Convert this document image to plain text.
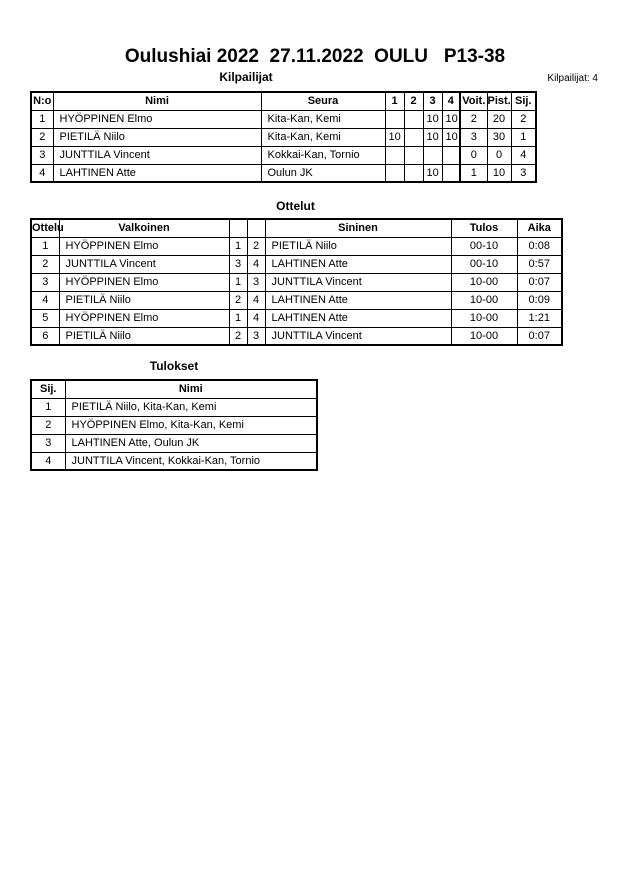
Oulushiai 2022  27.11.2022  OULU   P13-38
Kilpailijat	Kilpailijat: 4
N:o	Nimi	Seura	1	2	3	4	Voit.	Pist.	Sij.
1	HYÖPPINEN Elmo	Kita-Kan, Kemi			10	10	2	20	2
2	PIETILÄ Niilo	Kita-Kan, Kemi	10		10	10	3	30	1
3	JUNTTILA Vincent	Kokkai-Kan, Tornio					0	0	4
4	LAHTINEN Atte	Oulun JK			10		1	10	3
Ottelut
Ottelu	Valkoinen			Sininen	Tulos	Aika
1	HYÖPPINEN Elmo	1	2	PIETILÄ Niilo	00-10	0:08
2	JUNTTILA Vincent	3	4	LAHTINEN Atte	00-10	0:57
3	HYÖPPINEN Elmo	1	3	JUNTTILA Vincent	10-00	0:07
4	PIETILÄ Niilo	2	4	LAHTINEN Atte	10-00	0:09
5	HYÖPPINEN Elmo	1	4	LAHTINEN Atte	10-00	1:21
6	PIETILÄ Niilo	2	3	JUNTTILA Vincent	10-00	0:07
Tulokset
Sij.	Nimi
1	PIETILÄ Niilo, Kita-Kan, Kemi
2	HYÖPPINEN Elmo, Kita-Kan, Kemi
3	LAHTINEN Atte, Oulun JK
4	JUNTTILA Vincent, Kokkai-Kan, Tornio
